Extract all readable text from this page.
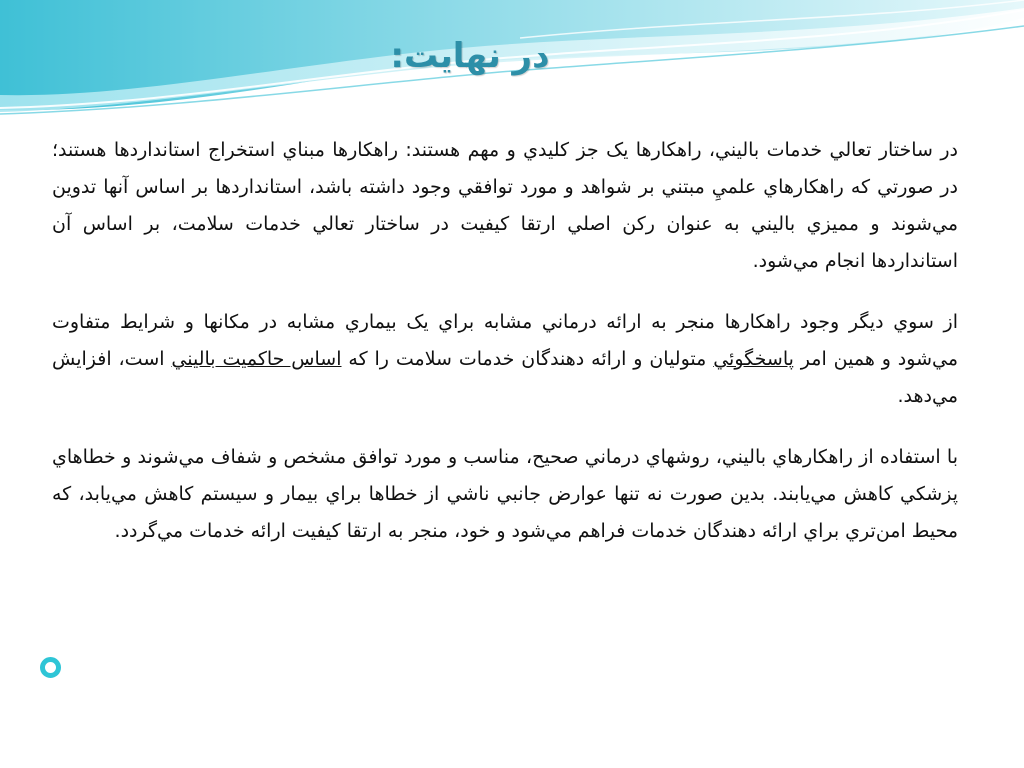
در نهايت:

در ساختار تعالي خدمات باليني، راهكارها يک جز کليدي و مهم هستند: راهكارها مبناي استخراج استانداردها هستند؛ در صورتي كه راهكارهاي علميِ مبتني بر شواهد و مورد توافقي وجود داشته باشد، استانداردها بر اساس آنها تدوين مي‌شوند و مميزي باليني به عنوان ركن اصلي ارتقا كيفيت در ساختار تعالي خدمات سلامت، بر اساس آن استانداردها انجام مي‌شود.

از سوي ديگر وجود راهكارها منجر به ارائه درماني مشابه براي يک بيماري مشابه در مكانها و شرايط متفاوت مي‌شود و همين امر پاسخگوئي متوليان و ارائه دهندگان خدمات سلامت را كه اساس حاكميت باليني است، افزايش مي‌دهد.

با استفاده از راهكارهاي باليني، روشهاي درماني صحيح، مناسب و مورد توافق مشخص و شفاف مي‌شوند و خطاهاي پزشكي كاهش مي‌يابند. بدين صورت نه تنها عوارض جانبي ناشي از خطاها براي بيمار و سيستم كاهش مي‌يابد، كه محيط امن‌تري براي ارائه دهندگان خدمات فراهم مي‌شود و خود، منجر به ارتقا كيفيت ارائه خدمات مي‌گردد.
